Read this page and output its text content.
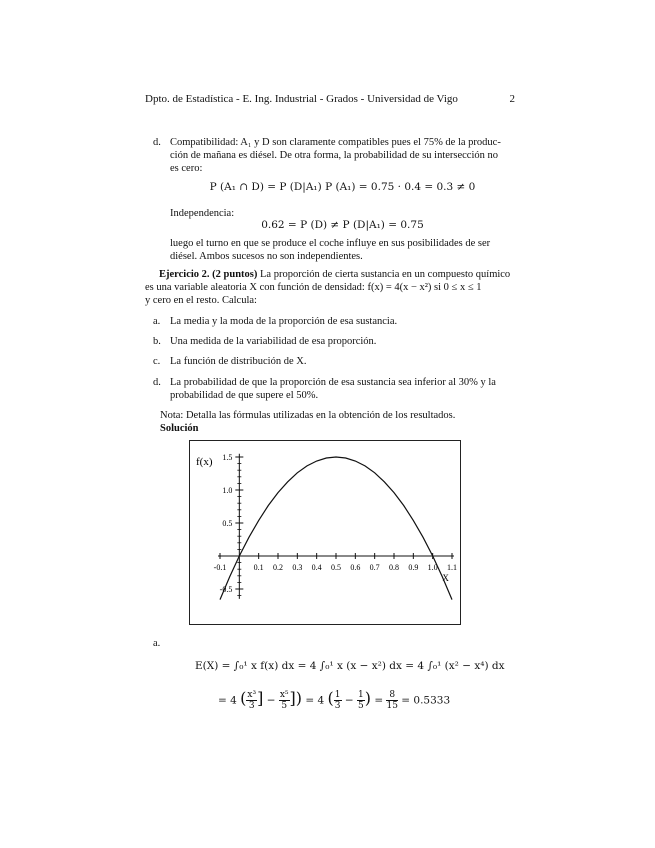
Dpto. de Estadística - E. Ing. Industrial - Grados - Universidad de Vigo	2
d. Compatibilidad: A₁ y D son claramente compatibles pues el 75% de la produc-
ción de mañana es diésel. De otra forma, la probabilidad de su intersección no
es cero:
P (A₁ ∩ D) = P (D|A₁) P (A₁) = 0.75 · 0.4 = 0.3 ≠ 0
Independencia:
0.62 = P (D) ≠ P (D|A₁) = 0.75
luego el turno en que se produce el coche influye en sus posibilidades de ser
diésel. Ambos sucesos no son independientes.
Ejercicio 2. (2 puntos) La proporción de cierta sustancia en un compuesto químico
es una variable aleatoria X con función de densidad: f(x) = 4(x − x²) si 0 ≤ x ≤ 1
y cero en el resto. Calcula:
a. La media y la moda de la proporción de esa sustancia.
b. Una medida de la variabilidad de esa proporción.
c. La función de distribución de X.
d. La probabilidad de que la proporción de esa sustancia sea inferior al 30% y la
probabilidad de que supere el 50%.
Nota: Detalla las fórmulas utilizadas en la obtención de los resultados.
Solución
-0.1	0.1 0.2 0.3 0.4 0.5 0.6 0.7 0.8 0.9 1.0 1.1
1.5
1.0
0.5
-0.5
f(x)
X
a.
E(X) = ∫₀¹ x f(x) dx = 4 ∫₀¹ x (x − x²) dx = 4 ∫₀¹ (x² − x⁴) dx
= 4 ( $\frac{\text{x³}}{3}$ ] − $\frac{\text{x⁵}}{5}$ ]) = 4 ( $\frac{1}{3} - \frac{1}{5}$ ) = $\frac{8}{15} = 0.5333$
